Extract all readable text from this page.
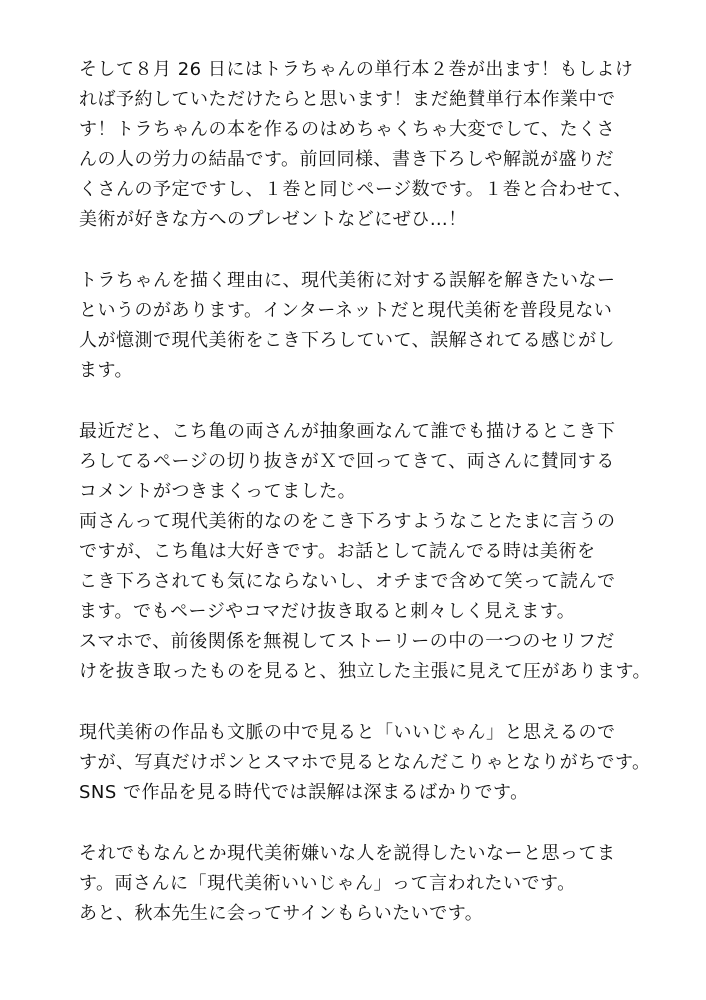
そして８月 26 日にはトラちゃんの単行本２巻が出ます！もしよけ
れば予約していただけたらと思います！まだ絶賛単行本作業中で
す！トラちゃんの本を作るのはめちゃくちゃ大変でして、たくさ
んの人の労力の結晶です。前回同様、書き下ろしや解説が盛りだ
くさんの予定ですし、１巻と同じページ数です。１巻と合わせて、
美術が好きな方へのプレゼントなどにぜひ…！
トラちゃんを描く理由に、現代美術に対する誤解を解きたいなー
というのがあります。インターネットだと現代美術を普段見ない
人が憶測で現代美術をこき下ろしていて、誤解されてる感じがし
ます。
最近だと、こち亀の両さんが抽象画なんて誰でも描けるとこき下
ろしてるページの切り抜きがＸで回ってきて、両さんに賛同する
コメントがつきまくってました。
両さんって現代美術的なのをこき下ろすようなことたまに言うの
ですが、こち亀は大好きです。お話として読んでる時は美術を
こき下ろされても気にならないし、オチまで含めて笑って読んで
ます。でもページやコマだけ抜き取ると刺々しく見えます。
スマホで、前後関係を無視してストーリーの中の一つのセリフだ
けを抜き取ったものを見ると、独立した主張に見えて圧があります。
現代美術の作品も文脈の中で見ると「いいじゃん」と思えるので
すが、写真だけポンとスマホで見るとなんだこりゃとなりがちです。
SNS で作品を見る時代では誤解は深まるばかりです。
それでもなんとか現代美術嫌いな人を説得したいなーと思ってま
す。両さんに「現代美術いいじゃん」って言われたいです。
あと、秋本先生に会ってサインもらいたいです。
